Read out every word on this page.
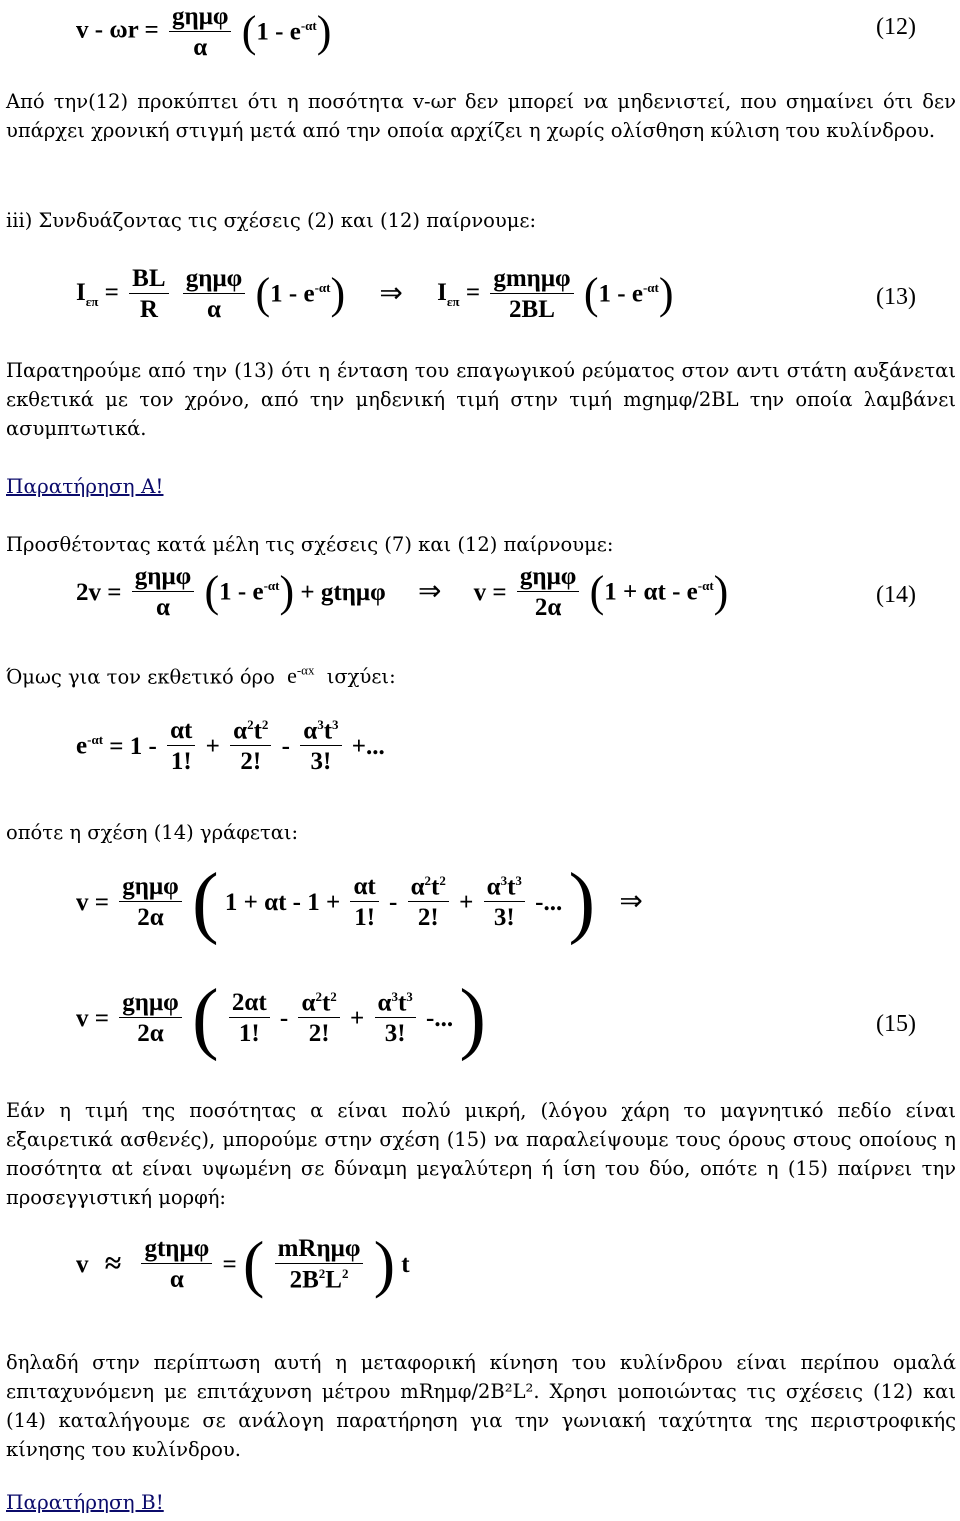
$v - \omega r = \frac{\text{gημφ}}{\alpha} (1 - e^{-\alpha t})$	(12)
Από την(12) προκύπτει ότι η ποσότητα v-ωr δεν μπορεί να μηδενιστεί, που σημαίνει ότι δεν υπάρχει χρονική στιγμή μετά από την οποία αρχίζει η χωρίς ολίσθηση κύλιση του κυλίνδρου.
iii) Συνδυάζοντας τις σχέσεις (2) και (12) παίρνουμε:
$I_{\varepsilon\pi} = \frac{BL}{R}$
$\frac{\text{gημφ}}{\alpha} (1 - e^{-\alpha t})$ ⇒ $I_{\varepsilon\pi} = \frac{\text{gmημφ}}{2BL} (1 - e^{-\alpha t})$	(13)
Παρατηρούμε από την (13) ότι η ένταση του επαγωγικού ρεύματος στον αντι στάτη αυξάνεται εκθετικά με τον χρόνο, από την μηδενική τιμή στην τιμή mgημφ/2BL την οποία λαμβάνει ασυμπτωτικά.
Παρατήρηση Α!
Προσθέτοντας κατά μέλη τις σχέσεις (7) και (12) παίρνουμε:
$2v = \frac{\text{gημφ}}{\alpha} (1 - e^{-\alpha t}) + gt\eta\mu\varphi$ ⇒ $v = \frac{\text{gημφ}}{2\alpha} (1 + \alpha t - e^{-\alpha t})$	(14)
Όμως για τον εκθετικό όρο $e^{-\alpha x}$ ισχύει:
$e^{-\alpha t} = 1 - \frac{\alpha t}{1!} + \frac{\alpha^2t^2}{2!} - \frac{\alpha^3t^3}{3!}$ +...
οπότε η σχέση (14) γράφεται:
$v = \frac{\text{gημφ}}{2\alpha}$ ( $1 + \alpha t - 1 + \frac{\alpha t}{1!} - \frac{\alpha^2t^2}{2!} + \frac{\alpha^3t^3}{3!}$ -... ) ⇒
$v = \frac{\text{gημφ}}{2\alpha}$ ( $\frac{2\alpha t}{1!} - \frac{\alpha^2t^2}{2!} + \frac{\alpha^3t^3}{3!}$ -... )	(15)
Εάν η τιμή της ποσότητας α είναι πολύ μικρή, (λόγου χάρη το μαγνητικό πεδίο είναι εξαιρετικά ασθενές), μπορούμε στην σχέση (15) να παραλείψουμε τους όρους στους οποίους η ποσότητα αt είναι υψωμένη σε δύναμη μεγαλύτερη ή ίση του δύο, οπότε η (15) παίρνει την προσεγγιστική μορφή:
$v \approx \frac{\text{gtημφ}}{\alpha}$ = ( $\frac{\text{mRημφ}}{2B^2L^2}$ ) t
δηλαδή στην περίπτωση αυτή η μεταφορική κίνηση του κυλίνδρου είναι περίπου ομαλά επιταχυνόμενη με επιτάχυνση μέτρου mRημφ/2B²L². Χρησι μοποιώντας τις σχέσεις (12) και (14) καταλήγουμε σε ανάλογη παρατήρηση για την γωνιακή ταχύτητα της περιστροφικής κίνησης του κυλίνδρου.
Παρατήρηση Β!
